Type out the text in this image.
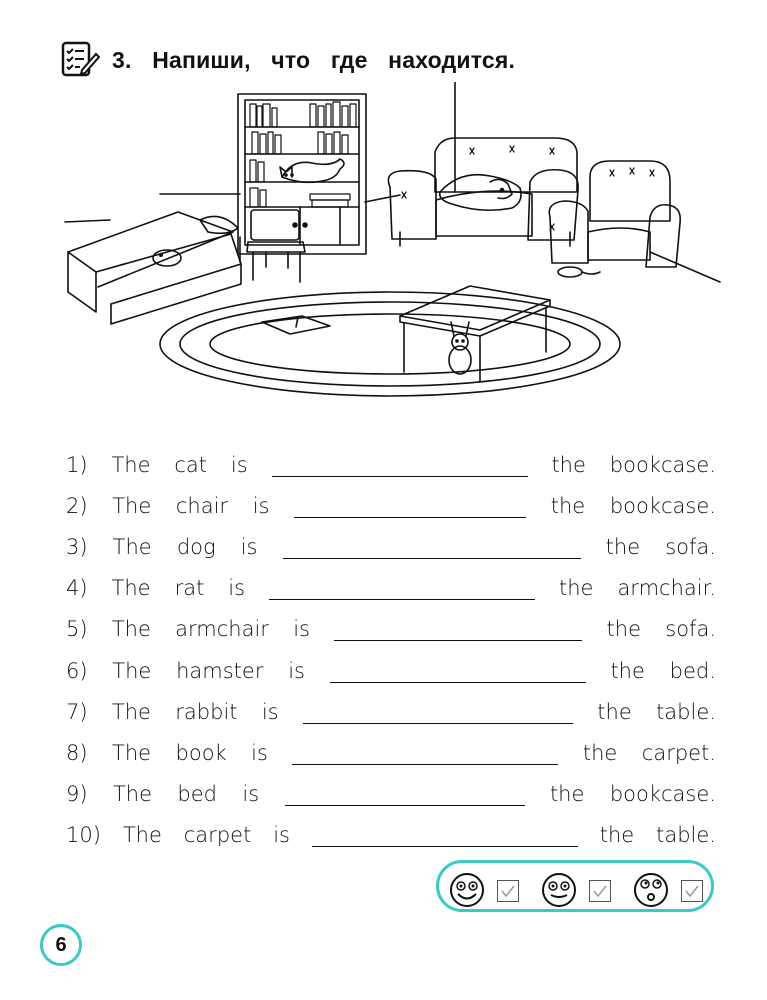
3. Напиши, что где находится.
1) The cat is	the bookcase.
2) The chair is	the bookcase.
3) The dog is	the sofa.
4) The rat is	the armchair.
5) The armchair is	the sofa.
6) The hamster is	the bed.
7) The rabbit is	the table.
8) The book is	the carpet.
9) The bed is	the bookcase.
10) The carpet is	the table.
6
